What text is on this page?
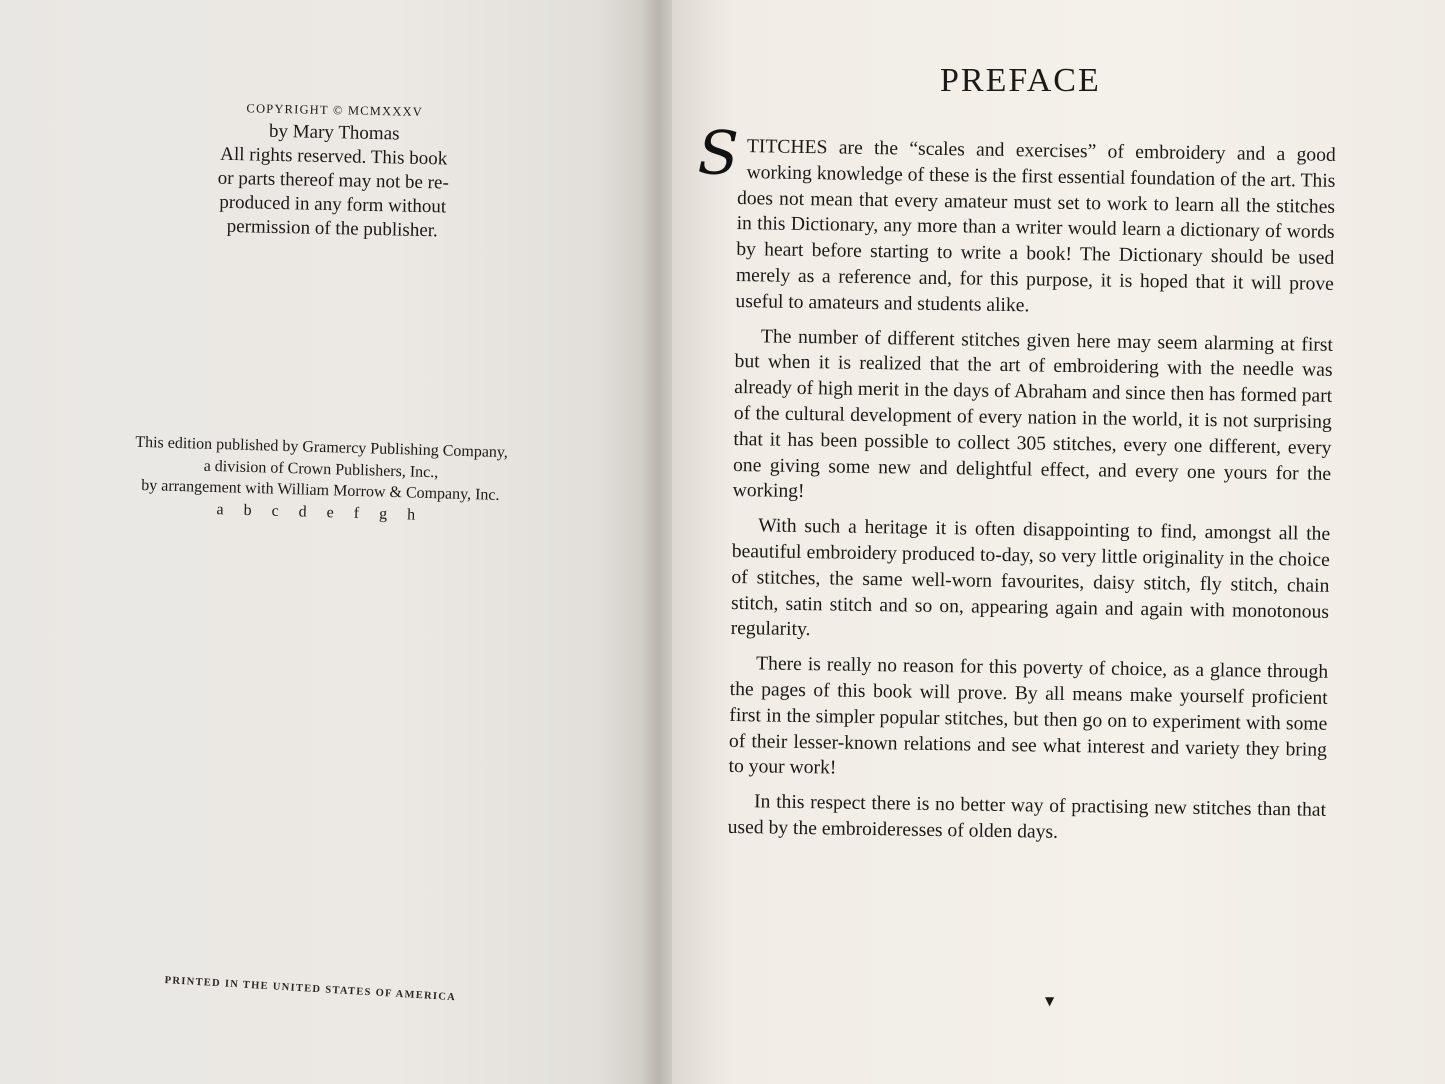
COPYRIGHT © MCMXXXV
by Mary Thomas
All rights reserved. This book
or parts thereof may not be re-
produced in any form without
permission of the publisher.
This edition published by Gramercy Publishing Company,
a division of Crown Publishers, Inc.,
by arrangement with William Morrow & Company, Inc.
a b c d e f g h
PRINTED IN THE UNITED STATES OF AMERICA
PREFACE

STITCHES are the “scales and exercises” of embroidery and a good working knowledge of these is the first essential foundation of the art. This does not mean that every amateur must set to work to learn all the stitches in this Dictionary, any more than a writer would learn a dictionary of words by heart before starting to write a book! The Dictionary should be used merely as a reference and, for this purpose, it is hoped that it will prove useful to amateurs and students alike.

The number of different stitches given here may seem alarming at first but when it is realized that the art of embroidering with the needle was already of high merit in the days of Abraham and since then has formed part of the cultural development of every nation in the world, it is not surprising that it has been possible to collect 305 stitches, every one different, every one giving some new and delightful effect, and every one yours for the working!

With such a heritage it is often disappointing to find, amongst all the beautiful embroidery produced to-day, so very little originality in the choice of stitches, the same well-worn favourites, daisy stitch, fly stitch, chain stitch, satin stitch and so on, appearing again and again with monotonous regularity.

There is really no reason for this poverty of choice, as a glance through the pages of this book will prove. By all means make yourself proficient first in the simpler popular stitches, but then go on to experiment with some of their lesser-known relations and see what interest and variety they bring to your work!

In this respect there is no better way of practising new stitches than that used by the embroideresses of olden days.

▼
